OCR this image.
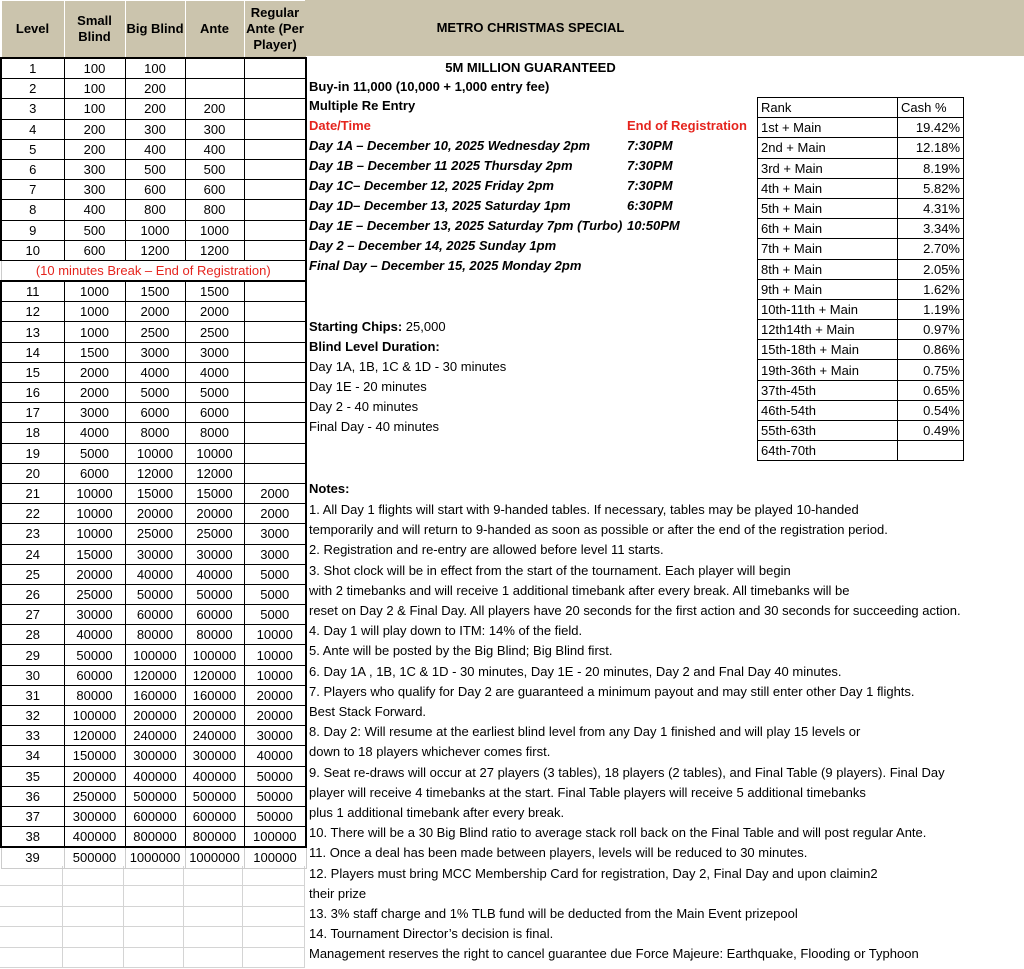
Level	Small Blind	Big Blind	Ante	Regular Ante (Per Player)
1	100	100		
2	100	200		
3	100	200	200	
4	200	300	300	
5	200	400	400	
6	300	500	500	
7	300	600	600	
8	400	800	800	
9	500	1000	1000	
10	600	1200	1200	
(10 minutes Break – End of Registration)				
11	1000	1500	1500	
12	1000	2000	2000	
13	1000	2500	2500	
14	1500	3000	3000	
15	2000	4000	4000	
16	2000	5000	5000	
17	3000	6000	6000	
18	4000	8000	8000	
19	5000	10000	10000	
20	6000	12000	12000	
21	10000	15000	15000	2000
22	10000	20000	20000	2000
23	10000	25000	25000	3000
24	15000	30000	30000	3000
25	20000	40000	40000	5000
26	25000	50000	50000	5000
27	30000	60000	60000	5000
28	40000	80000	80000	10000
29	50000	100000	100000	10000
30	60000	120000	120000	10000
31	80000	160000	160000	20000
32	100000	200000	200000	20000
33	120000	240000	240000	30000
34	150000	300000	300000	40000
35	200000	400000	400000	50000
36	250000	500000	500000	50000
37	300000	600000	600000	50000
38	400000	800000	800000	100000
39	500000	1000000	1000000	100000
METRO CHRISTMAS SPECIAL
5M MILLION GUARANTEED
Buy-in 11,000 (10,000 + 1,000 entry fee)
Multiple Re Entry
Date/Time	End of Registration
Day 1A – December 10, 2025 Wednesday 2pm	7:30PM
Day 1B – December 11 2025 Thursday 2pm	7:30PM
Day 1C– December 12, 2025 Friday 2pm	7:30PM
Day 1D– December 13, 2025 Saturday 1pm	6:30PM
Day 1E – December 13, 2025 Saturday 7pm (Turbo) 10:50PM
Day 2 – December 14, 2025 Sunday 1pm
Final Day – December 15, 2025 Monday 2pm
Starting Chips: 25,000
Blind Level Duration:
Day 1A, 1B, 1C & 1D - 30 minutes
Day 1E - 20 minutes
Day 2 - 40 minutes
Final Day - 40 minutes
Rank	Cash %
1st + Main	19.42%
2nd + Main	12.18%
3rd + Main	8.19%
4th + Main	5.82%
5th + Main	4.31%
6th + Main	3.34%
7th + Main	2.70%
8th + Main	2.05%
9th + Main	1.62%
10th-11th + Main	1.19%
12th14th + Main	0.97%
15th-18th + Main	0.86%
19th-36th + Main	0.75%
37th-45th	0.65%
46th-54th	0.54%
55th-63th	0.49%
64th-70th	
Notes:
1. All Day 1 flights will start with 9-handed tables. If necessary, tables may be played 10-handed
temporarily and will return to 9-handed as soon as possible or after the end of the registration period.
2. Registration and re-entry are allowed before level 11 starts.
3. Shot clock will be in effect from the start of the tournament. Each player will begin
with 2 timebanks and will receive 1 additional timebank after every break. All timebanks will be
reset on Day 2 & Final Day. All players have 20 seconds for the first action and 30 seconds for succeeding action.
4. Day 1 will play down to ITM: 14% of the field.
5. Ante will be posted by the Big Blind; Big Blind first.
6. Day 1A , 1B, 1C & 1D - 30 minutes, Day 1E - 20 minutes, Day 2 and Fnal Day 40 minutes.
7. Players who qualify for Day 2 are guaranteed a minimum payout and may still enter other Day 1 flights.
Best Stack Forward.
8. Day 2: Will resume at the earliest blind level from any Day 1 finished and will play 15 levels or
down to 18 players whichever comes first.
9. Seat re-draws will occur at 27 players (3 tables), 18 players (2 tables), and Final Table (9 players). Final Day
player will receive 4 timebanks at the start. Final Table players will receive 5 additional timebanks
plus 1 additional timebank after every break.
10. There will be a 30 Big Blind ratio to average stack roll back on the Final Table and will post regular Ante.
11. Once a deal has been made between players, levels will be reduced to 30 minutes.
12. Players must bring MCC Membership Card for registration, Day 2, Final Day and upon claimin2
their prize
13. 3% staff charge and 1% TLB fund will be deducted from the Main Event prizepool
14. Tournament Director’s decision is final.
Management reserves the right to cancel guarantee due Force Majeure: Earthquake, Flooding or Typhoon
